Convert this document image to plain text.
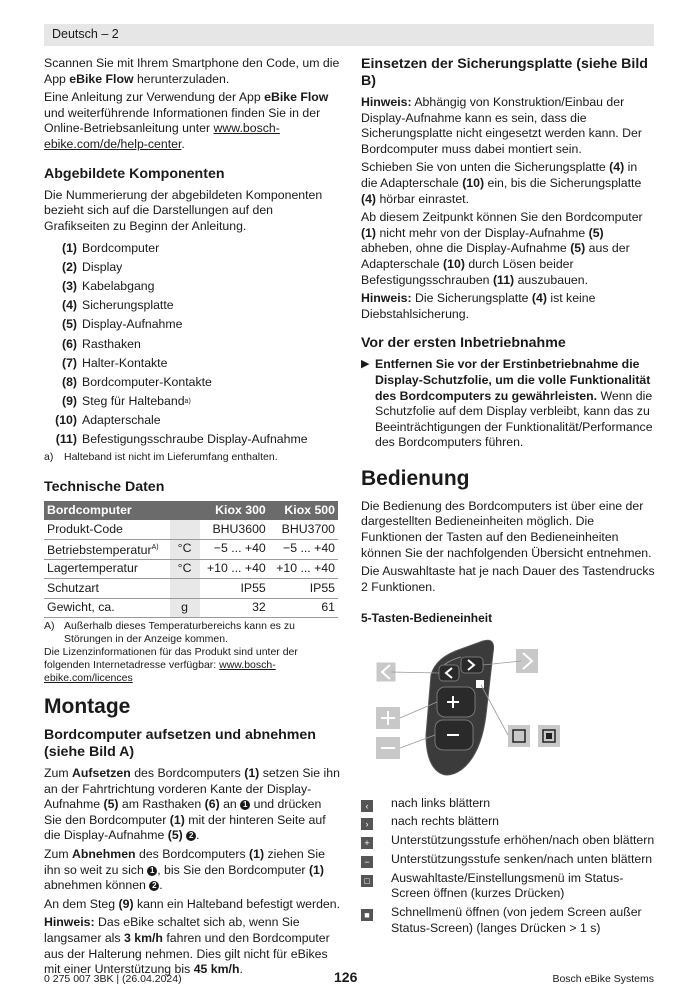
Deutsch – 2

Scannen Sie mit Ihrem Smartphone den Code, um die App eBike Flow herunterzuladen.

Eine Anleitung zur Verwendung der App eBike Flow und weiterführende Informationen finden Sie in der Online-Betriebsanleitung unter www.bosch-ebike.com/de/help-center.

Abgebildete Komponenten

Die Nummerierung der abgebildeten Komponenten bezieht sich auf die Darstellungen auf den Grafikseiten zu Beginn der Anleitung.

(1) Bordcomputer
(2) Display
(3) Kabelabgang
(4) Sicherungsplatte
(5) Display-Aufnahme
(6) Rasthaken
(7) Halter-Kontakte
(8) Bordcomputer-Kontakte
(9) Steg für Halteband a)
(10) Adapterschale
(11) Befestigungsschraube Display-Aufnahme
a)	Halteband ist nicht im Lieferumfang enthalten.
Technische Daten
Bordcomputer		Kiox 300	Kiox 500
Produkt-Code		BHU3600	BHU3700
Betriebstemperatur$^{A)}$	°C	−5 ... +40	−5 ... +40
Lagertemperatur	°C	+10 ... +40	+10 ... +40
Schutzart		IP55	IP55
Gewicht, ca.	g	32	61
A) Außerhalb dieses Temperaturbereichs kann es zu Störungen in der Anzeige kommen.
Die Lizenzinformationen für das Produkt sind unter der folgenden Internetadresse verfügbar: www.bosch-ebike.com/licences
Montage
Bordcomputer aufsetzen und abnehmen (siehe Bild A)

Zum Aufsetzen des Bordcomputers (1) setzen Sie ihn an der Fahrtrichtung vorderen Kante der Display-Aufnahme (5) am Rasthaken (6) an 1 und drücken Sie den Bordcomputer (1) mit der hinteren Seite auf die Display-Aufnahme (5) 2 .

Zum Abnehmen des Bordcomputers (1) ziehen Sie ihn so weit zu sich 1 , bis Sie den Bordcomputer (1) abnehmen können 2 .

An dem Steg (9) kann ein Halteband befestigt werden.

Hinweis: Das eBike schaltet sich ab, wenn Sie langsamer als 3 km/h fahren und den Bordcomputer aus der Halterung nehmen. Dies gilt nicht für eBikes mit einer Unterstützung bis 45 km/h.

Einsetzen der Sicherungsplatte (siehe Bild B)

Hinweis: Abhängig von Konstruktion/Einbau der Display-Aufnahme kann es sein, dass die Sicherungsplatte nicht eingesetzt werden kann. Der Bordcomputer muss dabei montiert sein.

Schieben Sie von unten die Sicherungsplatte (4) in die Adapterschale (10) ein, bis die Sicherungsplatte (4) hörbar einrastet.

Ab diesem Zeitpunkt können Sie den Bordcomputer (1) nicht mehr von der Display-Aufnahme (5) abheben, ohne die Display-Aufnahme (5) aus der Adapterschale (10) durch Lösen beider Befestigungsschrauben (11) auszubauen.

Hinweis: Die Sicherungsplatte (4) ist keine Diebstahlsicherung.

Vor der ersten Inbetriebnahme
▶ Entfernen Sie vor der Erstinbetriebnahme die Display-Schutzfolie, um die volle Funktionalität des Bordcomputers zu gewährleisten. Wenn die Schutzfolie auf dem Display verbleibt, kann das zu Beeinträchtigungen der Funktionalität/Performance des Bordcomputers führen.
Bedienung

Die Bedienung des Bordcomputers ist über eine der dargestellten Bedieneinheiten möglich. Die Funktionen der Tasten auf den Bedieneinheiten können Sie der nachfolgenden Übersicht entnehmen.

Die Auswahltaste hat je nach Dauer des Tastendrucks 2 Funktionen.

5-Tasten-Bedieneinheit
‹	nach links blättern
›	nach rechts blättern
+	Unterstützungsstufe erhöhen/nach oben blättern
−	Unterstützungsstufe senken/nach unten blättern
□	Auswahltaste/Einstellungsmenü im Status-Screen öffnen (kurzes Drücken)
■	Schnellmenü öffnen (von jedem Screen außer Status-Screen) (langes Drücken > 1 s)
0 275 007 3BK | (26.04.2024)	126	Bosch eBike Systems
